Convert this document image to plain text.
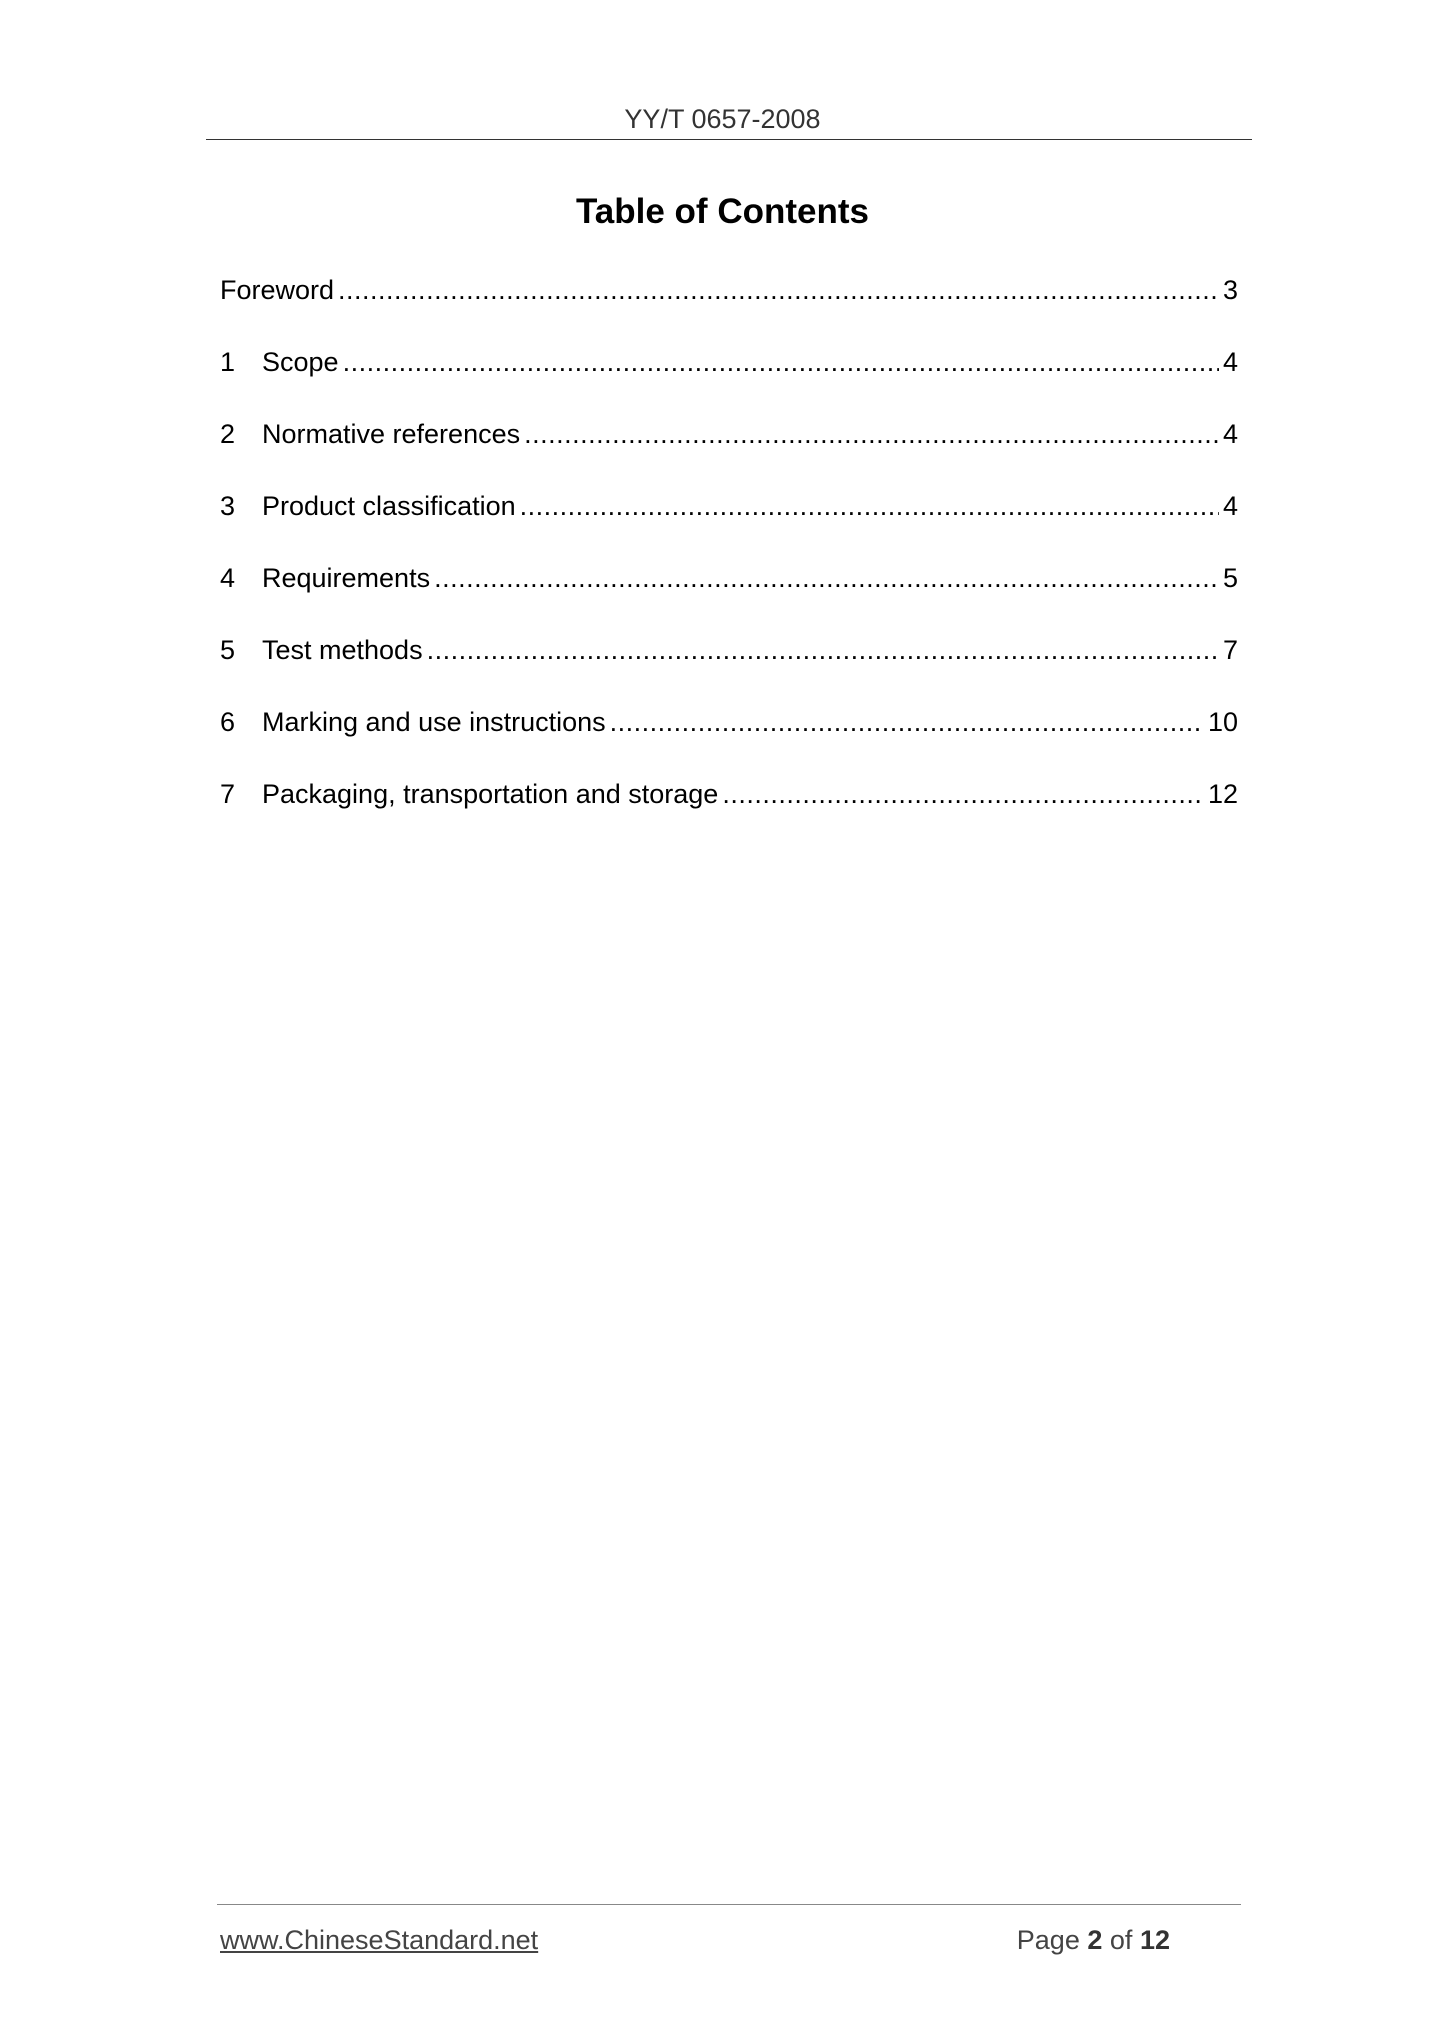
YY/T 0657-2008
Table of Contents
Foreword .....	3
1 Scope .....	4
2 Normative references .....	4
3 Product classification .....	4
4 Requirements .....	5
5 Test methods .....	7
6 Marking and use instructions .....	10
7 Packaging, transportation and storage .....	12
www.ChineseStandard.net	Page 2 of 12
